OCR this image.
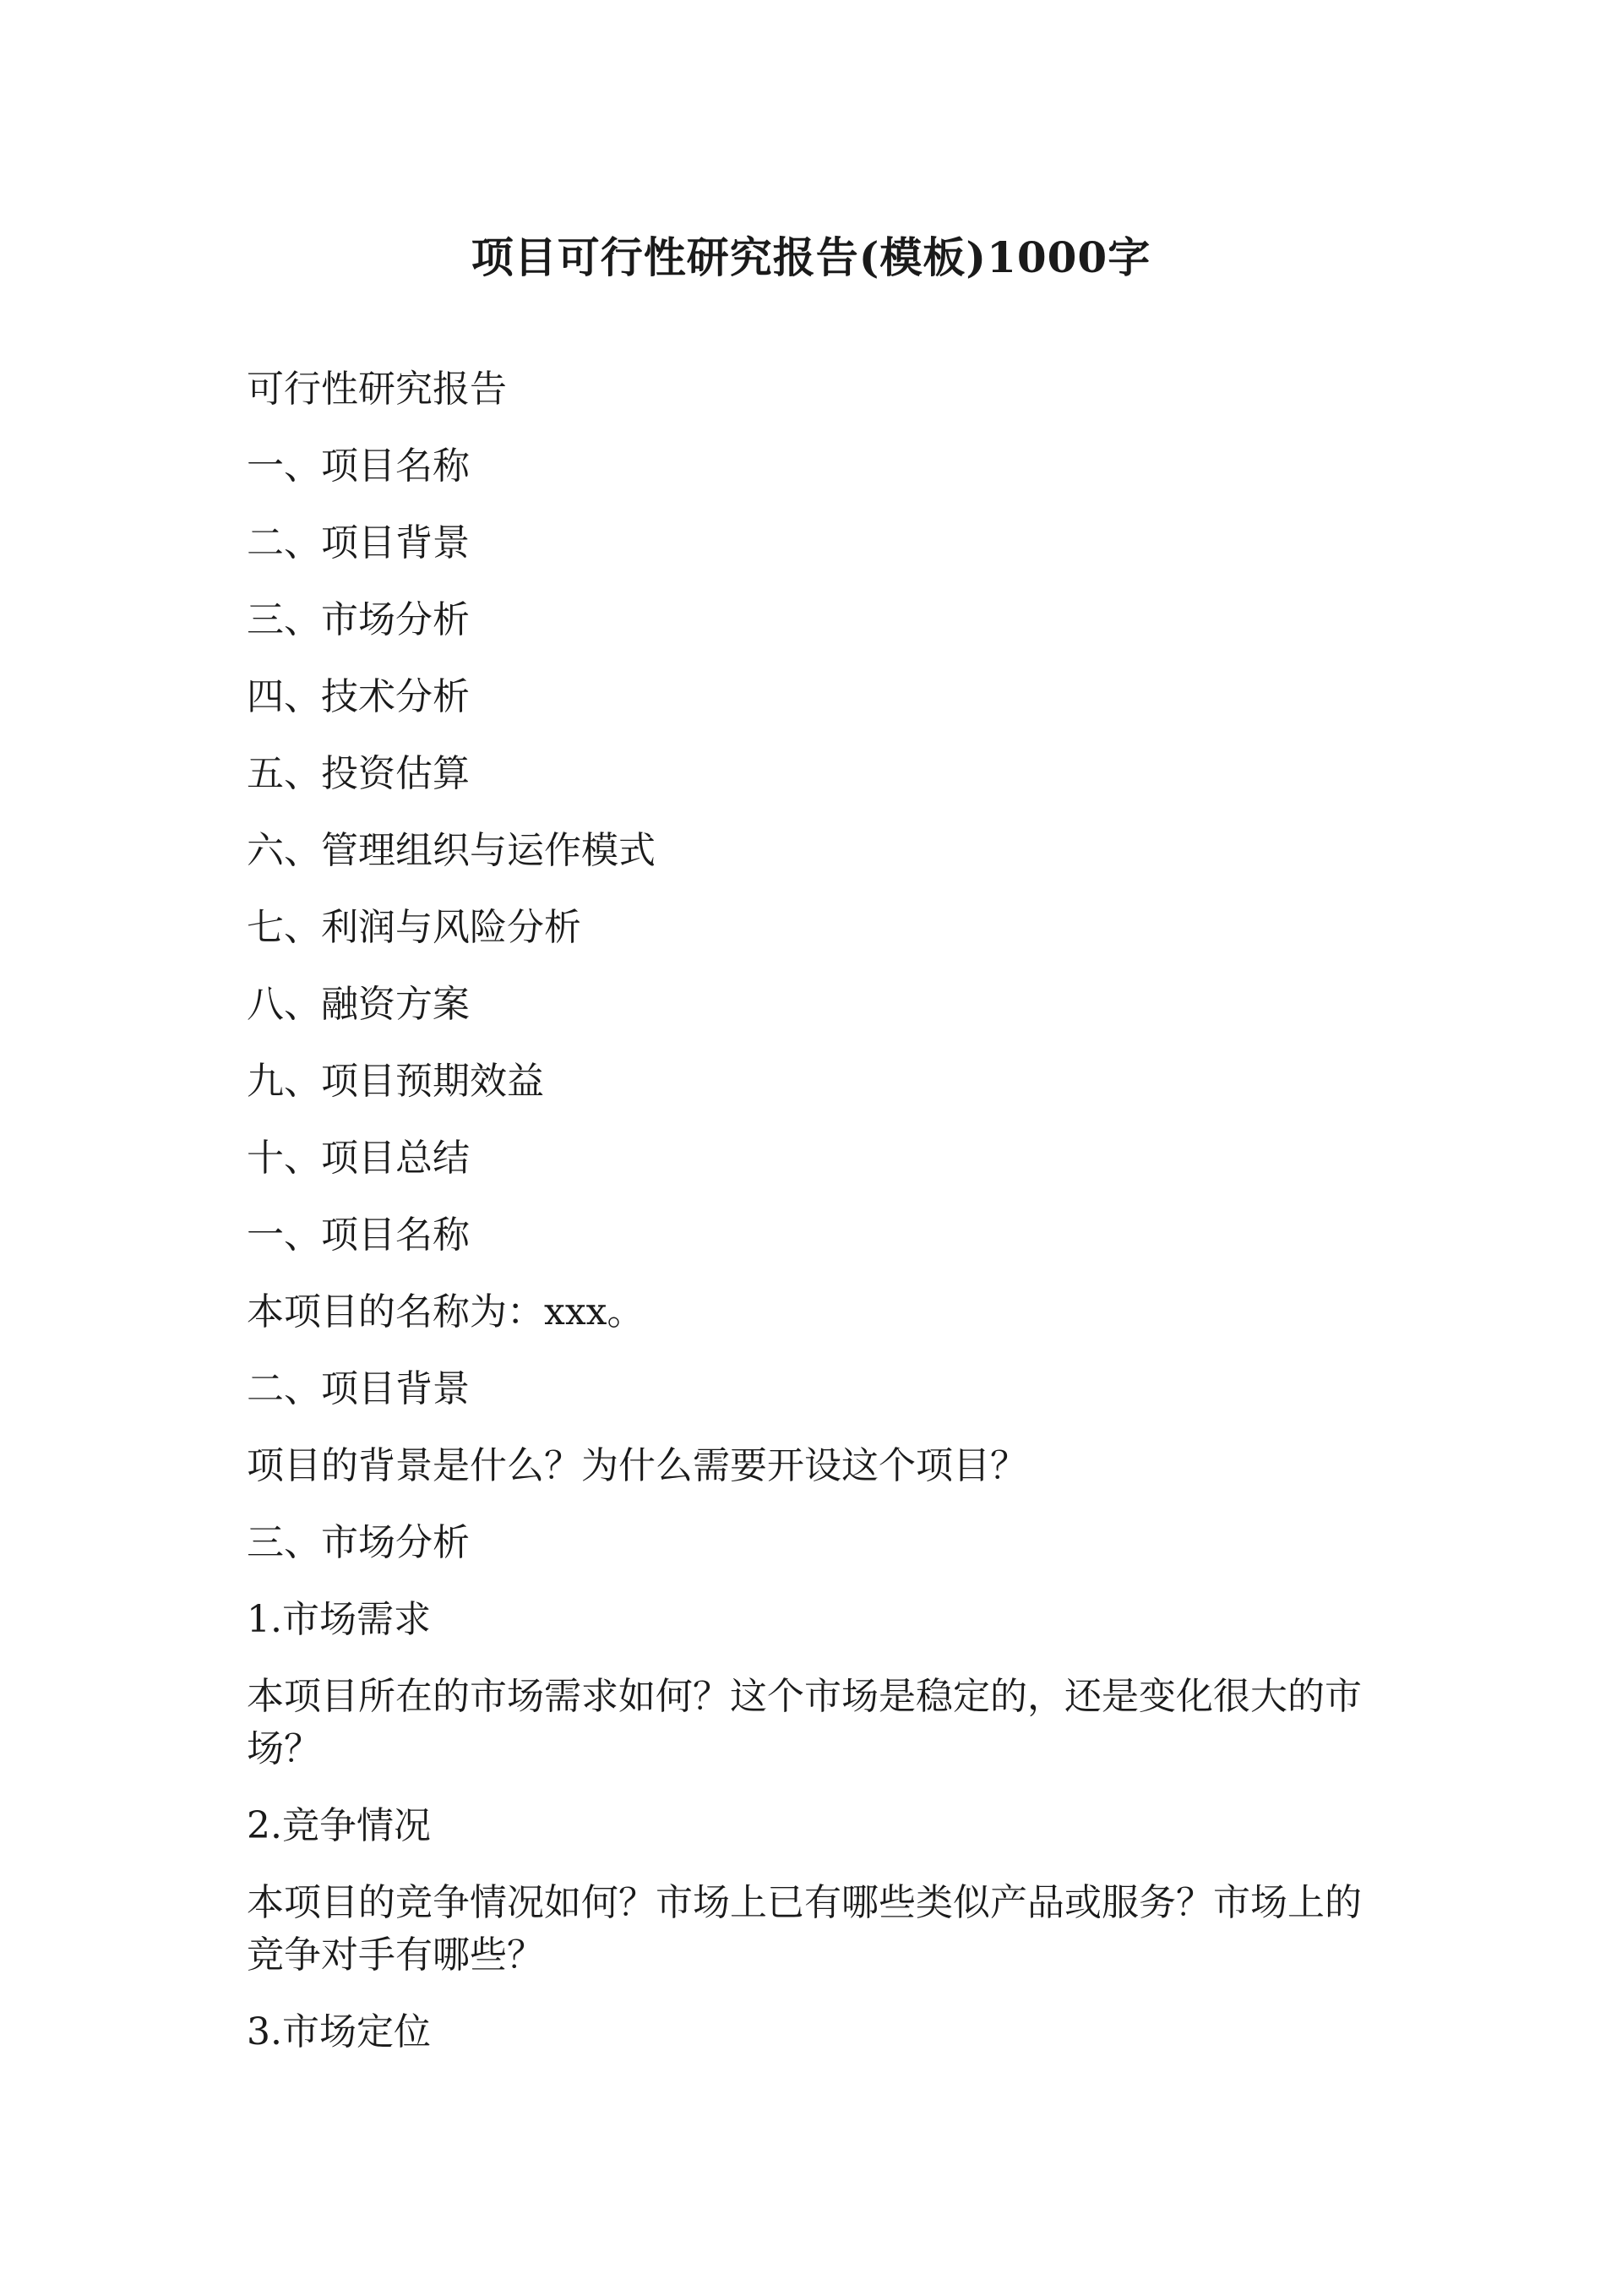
项目可行性研究报告(模板)1000字

可行性研究报告

一、项目名称

二、项目背景

三、市场分析

四、技术分析

五、投资估算

六、管理组织与运作模式

七、利润与风险分析

八、融资方案

九、项目预期效益

十、项目总结

一、项目名称

本项目的名称为：xxx。

二、项目背景

项目的背景是什么？为什么需要开设这个项目？

三、市场分析

1.市场需求

本项目所在的市场需求如何？这个市场是稳定的，还是变化很大的市场？

2.竞争情况

本项目的竞争情况如何？市场上已有哪些类似产品或服务？市场上的竞争对手有哪些？

3.市场定位
